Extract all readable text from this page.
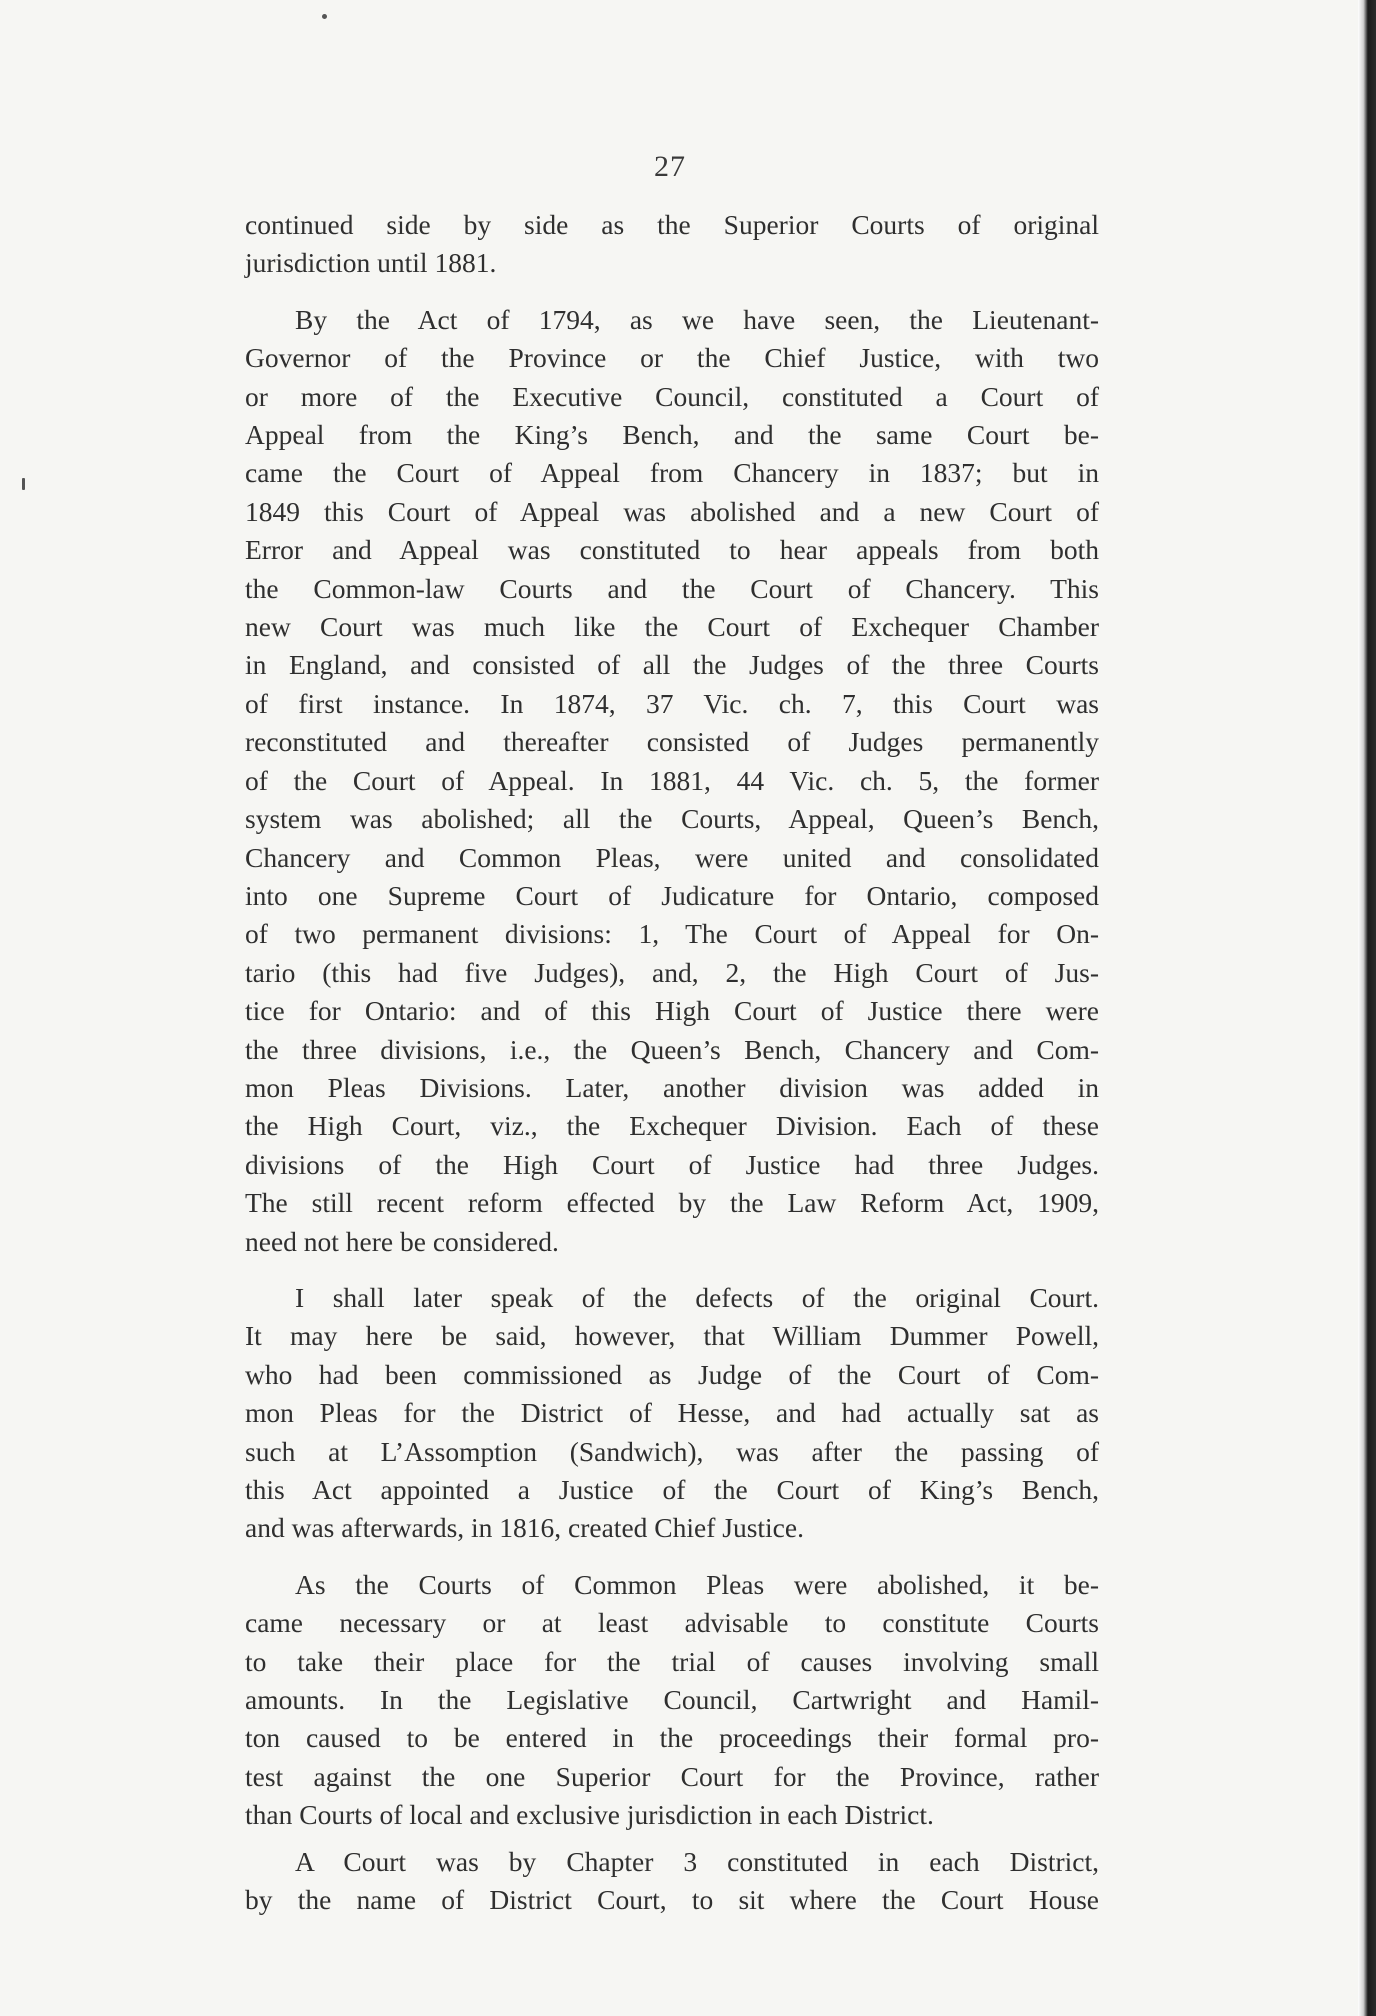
27

continued side by side as the Superior Courts of original

jurisdiction until 1881.

By the Act of 1794, as we have seen, the Lieutenant-

Governor of the Province or the Chief Justice, with two

or more of the Executive Council, constituted a Court of

Appeal from the King’s Bench, and the same Court be-

came the Court of Appeal from Chancery in 1837; but in

1849 this Court of Appeal was abolished and a new Court of

Error and Appeal was constituted to hear appeals from both

the Common-law Courts and the Court of Chancery. This

new Court was much like the Court of Exchequer Chamber

in England, and consisted of all the Judges of the three Courts

of first instance. In 1874, 37 Vic. ch. 7, this Court was

reconstituted and thereafter consisted of Judges permanently

of the Court of Appeal. In 1881, 44 Vic. ch. 5, the former

system was abolished; all the Courts, Appeal, Queen’s Bench,

Chancery and Common Pleas, were united and consolidated

into one Supreme Court of Judicature for Ontario, composed

of two permanent divisions: 1, The Court of Appeal for On-

tario (this had five Judges), and, 2, the High Court of Jus-

tice for Ontario: and of this High Court of Justice there were

the three divisions, i.e., the Queen’s Bench, Chancery and Com-

mon Pleas Divisions. Later, another division was added in

the High Court, viz., the Exchequer Division. Each of these

divisions of the High Court of Justice had three Judges.

The still recent reform effected by the Law Reform Act, 1909,

need not here be considered.

I shall later speak of the defects of the original Court.

It may here be said, however, that William Dummer Powell,

who had been commissioned as Judge of the Court of Com-

mon Pleas for the District of Hesse, and had actually sat as

such at L’Assomption (Sandwich), was after the passing of

this Act appointed a Justice of the Court of King’s Bench,

and was afterwards, in 1816, created Chief Justice.

As the Courts of Common Pleas were abolished, it be-

came necessary or at least advisable to constitute Courts

to take their place for the trial of causes involving small

amounts. In the Legislative Council, Cartwright and Hamil-

ton caused to be entered in the proceedings their formal pro-

test against the one Superior Court for the Province, rather

than Courts of local and exclusive jurisdiction in each District.

A Court was by Chapter 3 constituted in each District,

by the name of District Court, to sit where the Court House
